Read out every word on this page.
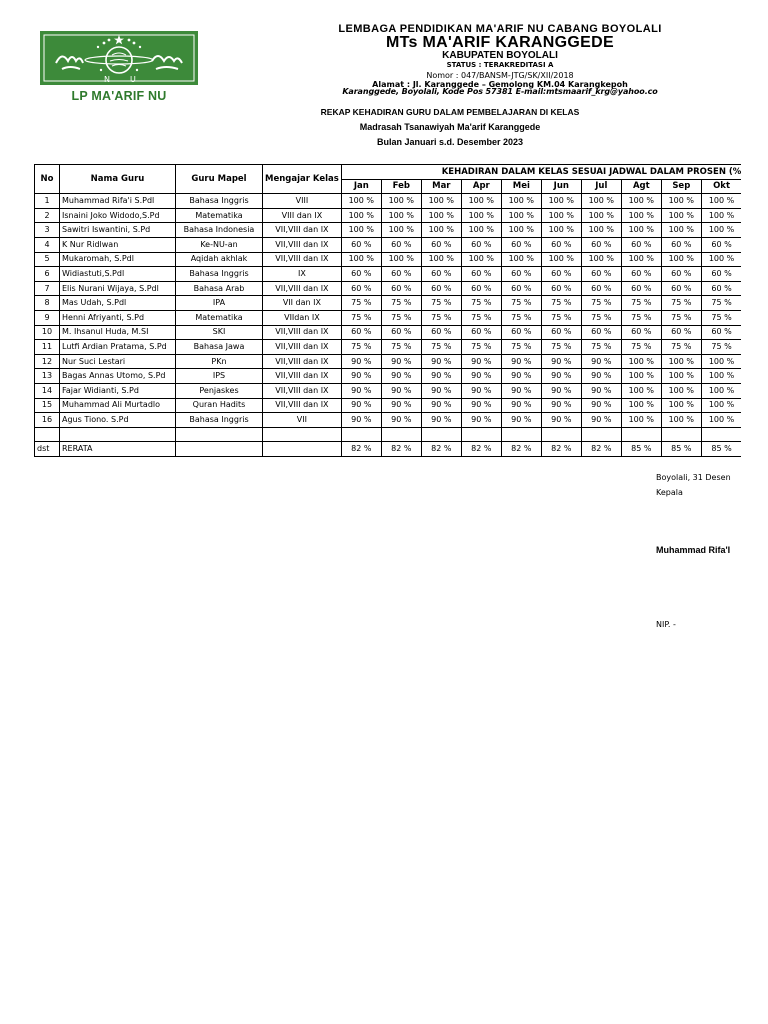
N	U
LP MA'ARIF NU
LEMBAGA PENDIDIKAN MA'ARIF NU CABANG BOYOLALI
MTs MA'ARIF KARANGGEDE
KABUPATEN BOYOLALI
STATUS : TERAKREDITASI A
Nomor : 047/BANSM-JTG/SK/XII/2018
Alamat : Jl. Karanggede – Gemolong KM.04 Karangkepoh
Karanggede, Boyolali, Kode Pos 57381 E-mail:mtsmaarif_krg@yahoo.co
REKAP KEHADIRAN GURU DALAM PEMBELAJARAN DI KELAS
Madrasah Tsanawiyah Ma'arif Karanggede
Bulan Januari s.d. Desember 2023
No	Nama Guru	Guru Mapel	Mengajar Kelas	KEHADIRAN DALAM KELAS SESUAI JADWAL DALAM PROSEN (%									
				Jan	Feb	Mar	Apr	Mei	Jun	Jul	Agt	Sep	Okt
1	Muhammad Rifa'i S.Pdl	Bahasa Inggris	VIII	100 %	100 %	100 %	100 %	100 %	100 %	100 %	100 %	100 %	100 %
2	Isnaini Joko Widodo,S.Pd	Matematika	VIII dan IX	100 %	100 %	100 %	100 %	100 %	100 %	100 %	100 %	100 %	100 %
3	Sawitri Iswantini, S.Pd	Bahasa Indonesia	VII,VIII dan IX	100 %	100 %	100 %	100 %	100 %	100 %	100 %	100 %	100 %	100 %
4	K Nur Ridlwan	Ke-NU-an	VII,VIII dan IX	60 %	60 %	60 %	60 %	60 %	60 %	60 %	60 %	60 %	60 %
5	Mukaromah, S.Pdl	Aqidah akhlak	VII,VIII dan IX	100 %	100 %	100 %	100 %	100 %	100 %	100 %	100 %	100 %	100 %
6	Widiastuti,S.Pdl	Bahasa Inggris	IX	60 %	60 %	60 %	60 %	60 %	60 %	60 %	60 %	60 %	60 %
7	Elis Nurani Wijaya, S.Pdl	Bahasa Arab	VII,VIII dan IX	60 %	60 %	60 %	60 %	60 %	60 %	60 %	60 %	60 %	60 %
8	Mas Udah, S.Pdl	IPA	VII dan IX	75 %	75 %	75 %	75 %	75 %	75 %	75 %	75 %	75 %	75 %
9	Henni Afriyanti, S.Pd	Matematika	VIIdan IX	75 %	75 %	75 %	75 %	75 %	75 %	75 %	75 %	75 %	75 %
10	M. Ihsanul Huda, M.SI	SKI	VII,VIII dan IX	60 %	60 %	60 %	60 %	60 %	60 %	60 %	60 %	60 %	60 %
11	Lutfi Ardian Pratama, S.Pd	Bahasa Jawa	VII,VIII dan IX	75 %	75 %	75 %	75 %	75 %	75 %	75 %	75 %	75 %	75 %
12	Nur Suci Lestari	PKn	VII,VIII dan IX	90 %	90 %	90 %	90 %	90 %	90 %	90 %	100 %	100 %	100 %
13	Bagas Annas Utomo, S.Pd	IPS	VII,VIII dan IX	90 %	90 %	90 %	90 %	90 %	90 %	90 %	100 %	100 %	100 %
14	Fajar Widianti, S.Pd	Penjaskes	VII,VIII dan IX	90 %	90 %	90 %	90 %	90 %	90 %	90 %	100 %	100 %	100 %
15	Muhammad Ali Murtadlo	Quran Hadits	VII,VIII dan IX	90 %	90 %	90 %	90 %	90 %	90 %	90 %	100 %	100 %	100 %
16	Agus Tiono. S.Pd	Bahasa Inggris	VII	90 %	90 %	90 %	90 %	90 %	90 %	90 %	100 %	100 %	100 %

dst	RERATA			82 %	82 %	82 %	82 %	82 %	82 %	82 %	85 %	85 %	85 %
Boyolali, 31 Desen
Kepala
Muhammad Rifa'I
NIP. -
